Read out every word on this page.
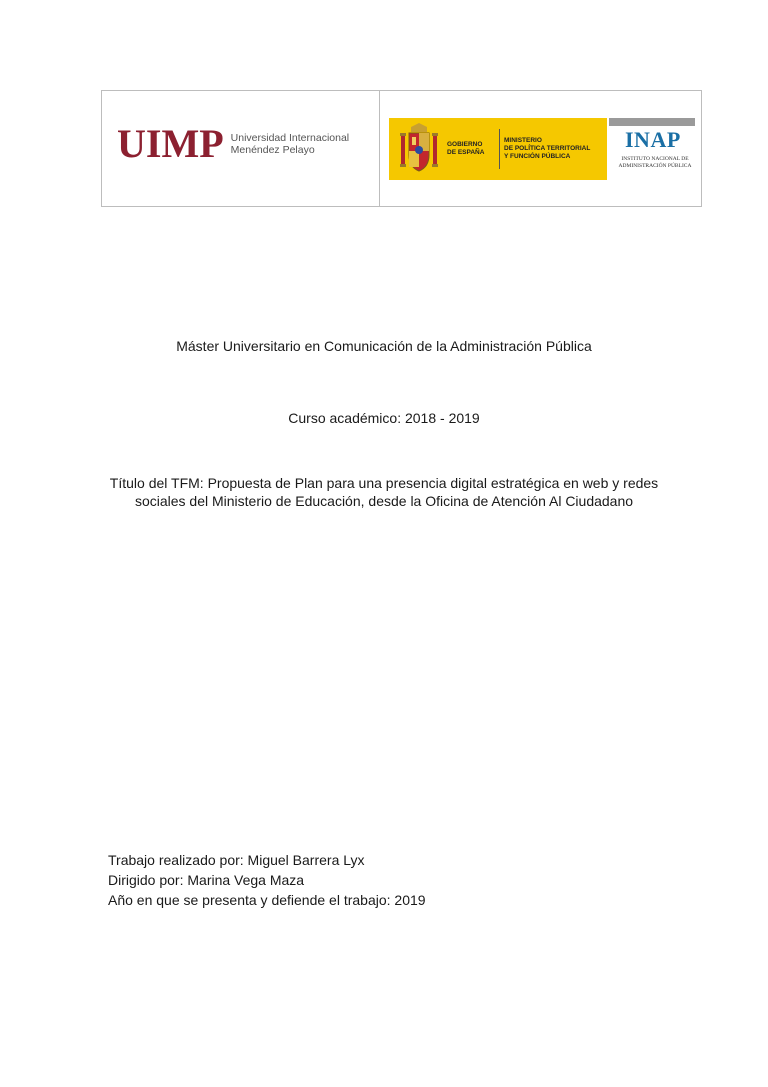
UIMP Universidad Internacional
Menéndez Pelayo	GOBIERNO
DE ESPAÑA
MINISTERIO
DE POLÍTICA TERRITORIAL
Y FUNCIÓN PÚBLICA
INAP
INSTITUTO NACIONAL DE
ADMINISTRACIÓN PÚBLICA
Máster Universitario en Comunicación de la Administración Pública
Curso académico: 2018 - 2019
Título del TFM: Propuesta de Plan para una presencia digital estratégica en web y redes
sociales del Ministerio de Educación, desde la Oficina de Atención Al Ciudadano
Trabajo realizado por: Miguel Barrera Lyx
Dirigido por: Marina Vega Maza
Año en que se presenta y defiende el trabajo: 2019
